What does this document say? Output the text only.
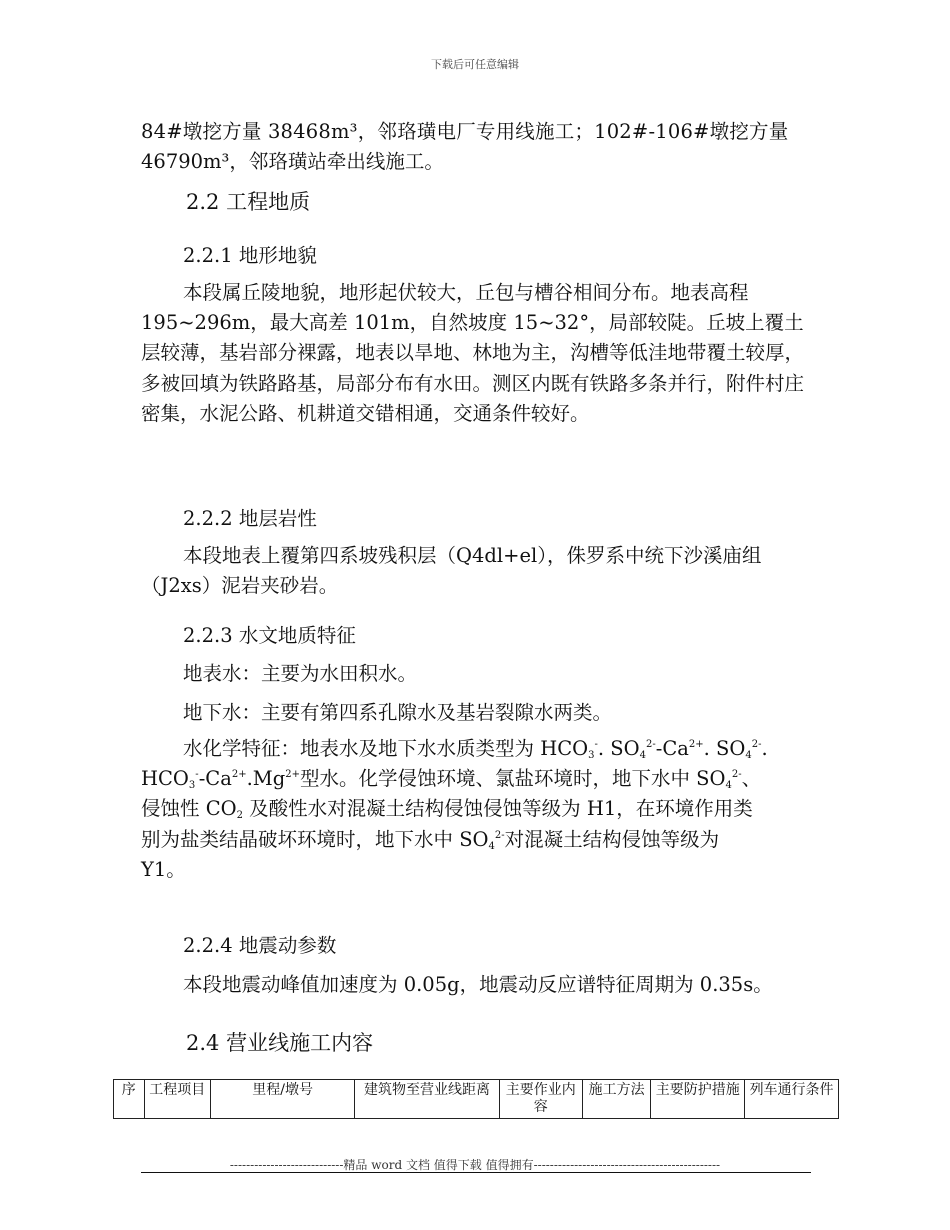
下载后可任意编辑
84#墩挖方量 38468m³，邻珞璜电厂专用线施工；102#-106#墩挖方量
46790m³，邻珞璜站牵出线施工。
2.2 工程地质
2.2.1 地形地貌
本段属丘陵地貌，地形起伏较大，丘包与槽谷相间分布。地表高程 195~296m，最大高差 101m，自然坡度 15~32°，局部较陡。丘坡上覆土层较薄，基岩部分裸露，地表以旱地、林地为主，沟槽等低洼地带覆土较厚，多被回填为铁路路基，局部分布有水田。测区内既有铁路多条并行，附件村庄密集，水泥公路、机耕道交错相通，交通条件较好。
2.2.2 地层岩性
本段地表上覆第四系坡残积层（Q4dl+el），侏罗系中统下沙溪庙组（J2xs）泥岩夹砂岩。
2.2.3 水文地质特征
地表水：主要为水田积水。
地下水：主要有第四系孔隙水及基岩裂隙水两类。
水化学特征：地表水及地下水水质类型为 $HCO_3^-$. $SO_4^{2-}-Ca^{2+}$. $SO_4^{2-}$.
$HCO_3^--Ca^{2+}.Mg^{2+}$型水。化学侵蚀环境、氯盐环境时，地下水中 $SO_4^{2-}$、
侵蚀性 $CO_2$ 及酸性水对混凝土结构侵蚀侵蚀等级为 H1，在环境作用类
别为盐类结晶破坏环境时，地下水中 $SO_4^{2-}$对混凝土结构侵蚀等级为
Y1。
2.2.4 地震动参数
本段地震动峰值加速度为 0.05g，地震动反应谱特征周期为 0.35s。
2.4 营业线施工内容
序	工程项目	里程/墩号	建筑物至营业线距离	主要作业内容	施工方法	主要防护措施	列车通行条件
----------------------------精品 word 文档 值得下载 值得拥有----------------------------------------------
